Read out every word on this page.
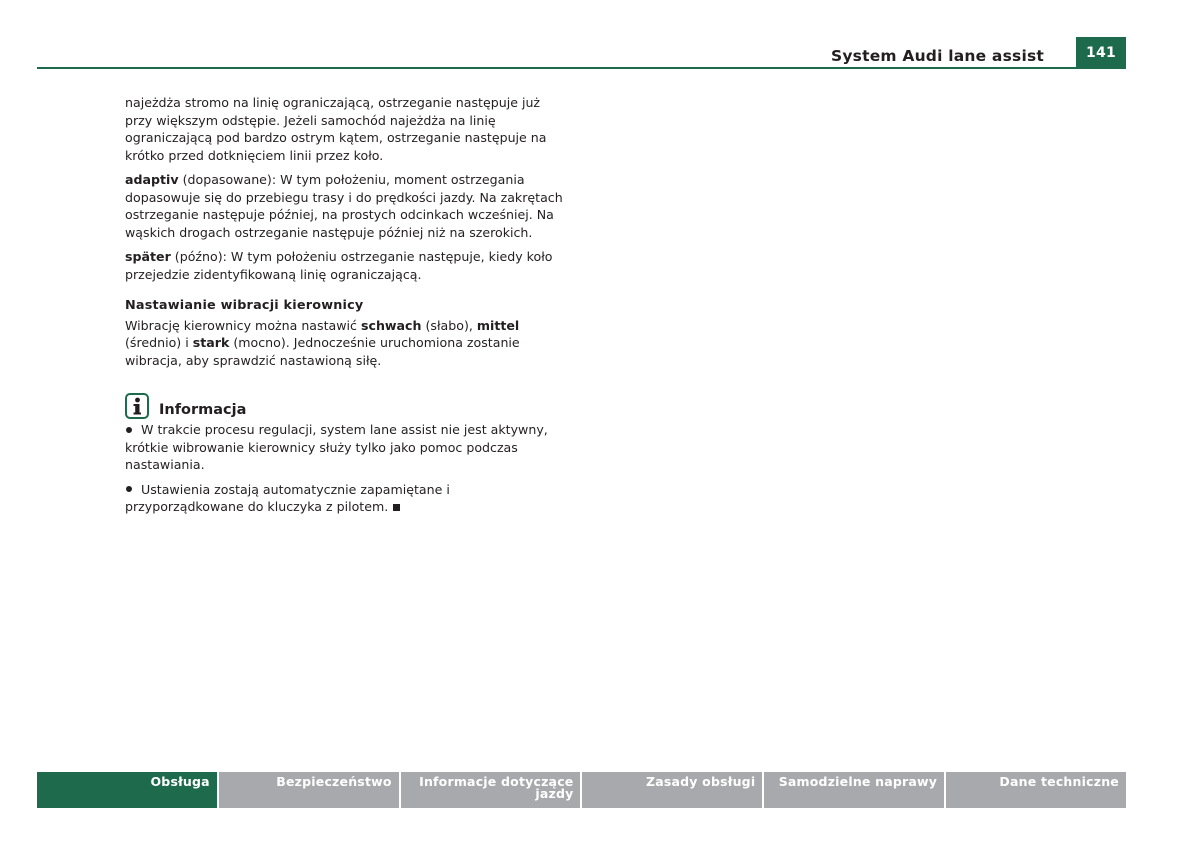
System Audi lane assist	141

najeżdża stromo na linię ograniczającą, ostrzeganie następuje już przy większym odstępie. Jeżeli samochód najeżdża na linię ograniczającą pod bardzo ostrym kątem, ostrzeganie następuje na krótko przed dotknięciem linii przez koło.

adaptiv (dopasowane): W tym położeniu, moment ostrzegania dopasowuje się do przebiegu trasy i do prędkości jazdy. Na zakrętach ostrzeganie następuje później, na prostych odcinkach wcześniej. Na wąskich drogach ostrzeganie następuje później niż na szerokich.

später (późno): W tym położeniu ostrzeganie następuje, kiedy koło przejedzie zidentyfikowaną linię ograniczającą.

Nastawianie wibracji kierownicy

Wibrację kierownicy można nastawić schwach (słabo), mittel (średnio) i stark (mocno). Jednocześnie uruchomiona zostanie wibracja, aby sprawdzić nastawioną siłę.

Informacja

W trakcie procesu regulacji, system lane assist nie jest aktywny, krótkie wibrowanie kierownicy służy tylko jako pomoc podczas nastawiania.

Ustawienia zostają automatycznie zapamiętane i przyporządkowane do kluczyka z pilotem.

Obsługa	Bezpieczeństwo	Informacje dotyczące jazdy
Zasady obsługi	Samodzielne naprawy	Dane techniczne
